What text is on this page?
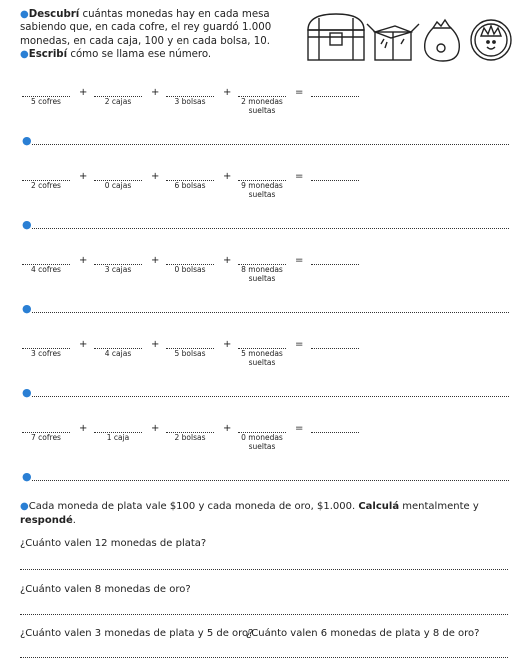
●Descubrí cuántas monedas hay en cada mesa sabiendo que, en cada cofre, el rey guardó 1.000 monedas, en cada caja, 100 y en cada bolsa, 10.
●Escribí cómo se llama ese número.
5 cofres
+
2 cajas
+
3 bolsas
+
2 monedas
sueltas
=
●
2 cofres
+
0 cajas
+
6 bolsas
+
9 monedas
sueltas
=
●
4 cofres
+
3 cajas
+
0 bolsas
+
8 monedas
sueltas
=
●
3 cofres
+
4 cajas
+
5 bolsas
+
5 monedas
sueltas
=
●
7 cofres
+
1 caja
+
2 bolsas
+
0 monedas
sueltas
=
●
●Cada moneda de plata vale $100 y cada moneda de oro, $1.000. Calculá mentalmente y respondé.
¿Cuánto valen 12 monedas de plata?
¿Cuánto valen 8 monedas de oro?
¿Cuánto valen 3 monedas de plata y 5 de oro?
¿Cuánto valen 6 monedas de plata y 8 de oro?
